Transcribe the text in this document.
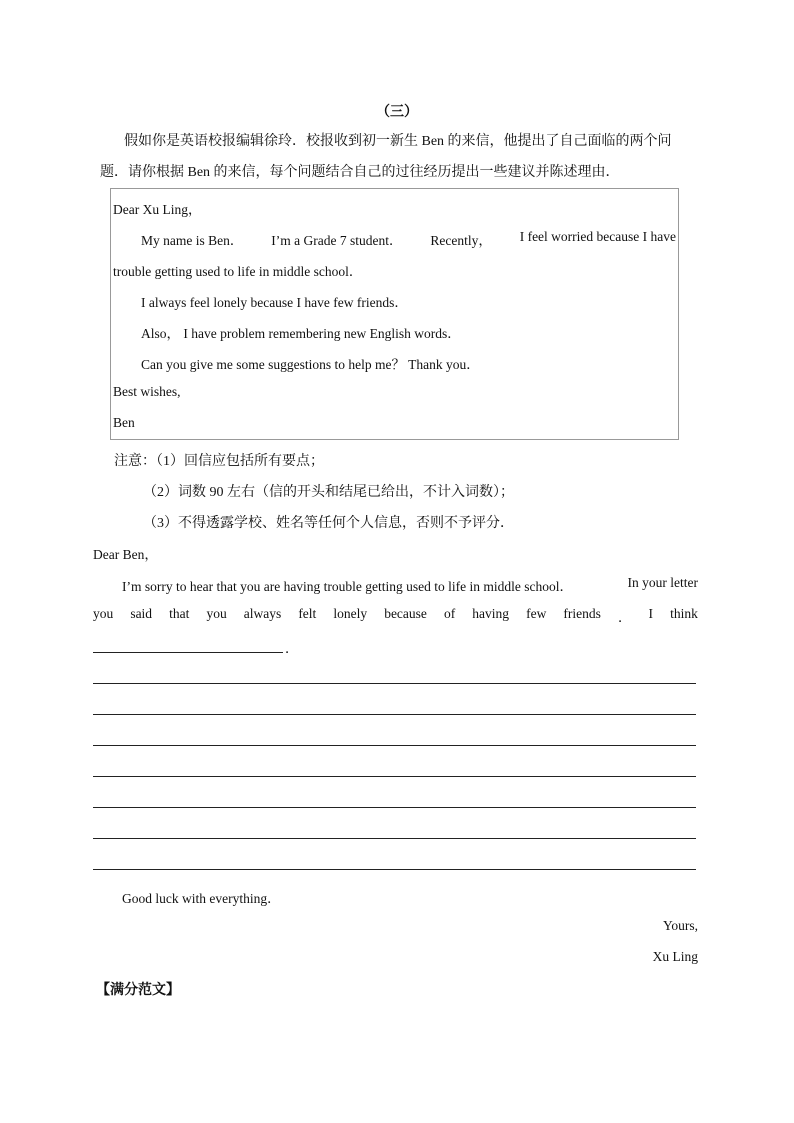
（三）
假如你是英语校报编辑徐玲．校报收到初一新生 Ben 的来信，他提出了自己面临的两个问
题．请你根据 Ben 的来信，每个问题结合自己的过往经历提出一些建议并陈述理由．
Dear Xu Ling，
My name is Ben． I’m a Grade 7 student． Recently， I feel worried because I have
trouble getting used to life in middle school．
I always feel lonely because I have few friends．
Also， I have problem remembering new English words．
Can you give me some suggestions to help me？ Thank you．
Best wishes,
Ben
注意：（1）回信应包括所有要点；
（2）词数 90 左右（信的开头和结尾已给出，不计入词数）；
（3）不得透露学校、姓名等任何个人信息，否则不予评分．
Dear Ben，
I’m sorry to hear that you are having trouble getting used to life in middle school．	In your letter
you said that you always felt lonely because of having few friends ． I think
．
Good luck with everything．
Yours,
Xu Ling
【满分范文】
